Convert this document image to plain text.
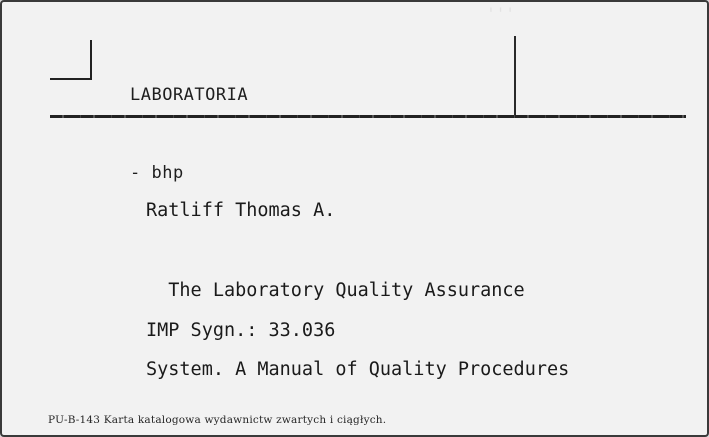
'''

LABORATORIA

- bhp

Ratliff Thomas A.

The Laboratory Quality Assurance

System. A Manual of Quality Procedures

IMP Sygn.: 33.036

PU-B-143 Karta katalogowa wydawnictw zwartych i ciągłych.
